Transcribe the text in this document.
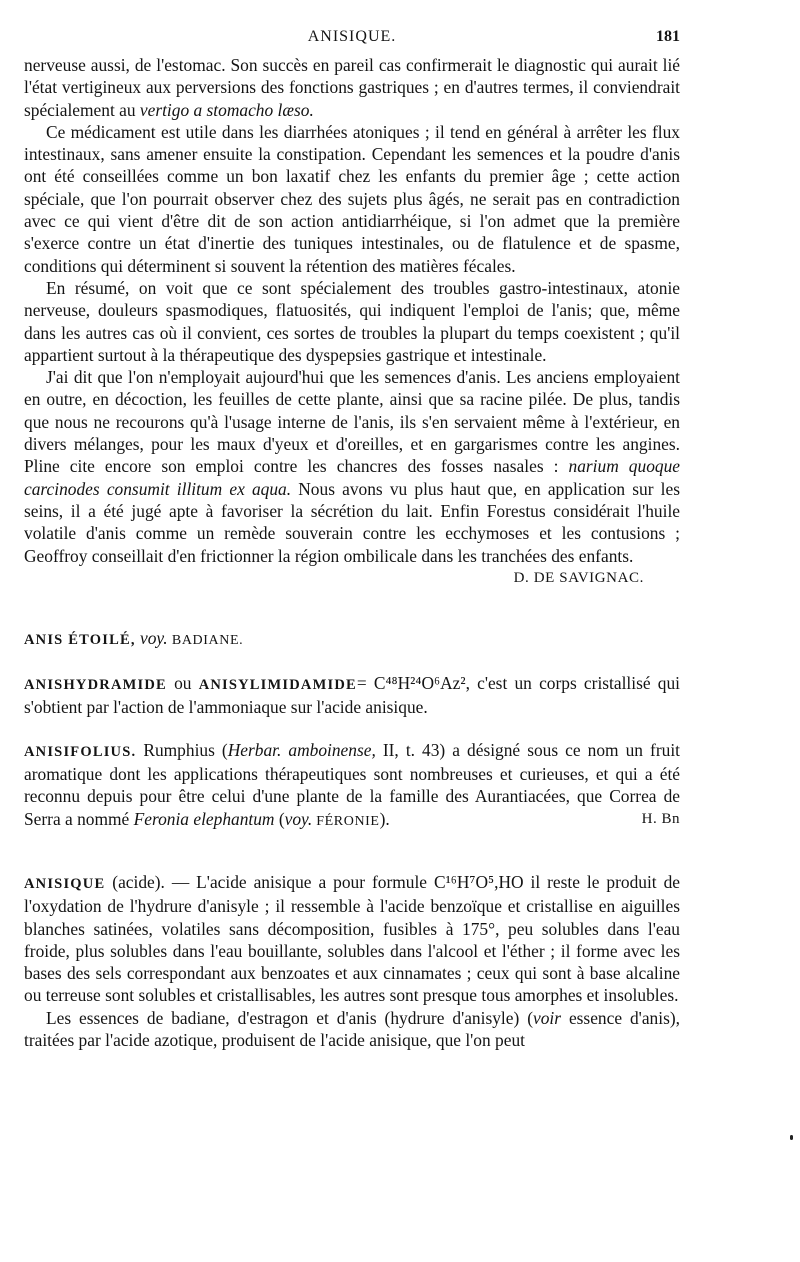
ANISIQUE.	181

nerveuse aussi, de l'estomac. Son succès en pareil cas confirmerait le diagnostic qui aurait lié l'état vertigineux aux perversions des fonctions gastriques ; en d'autres termes, il conviendrait spécialement au vertigo a stomacho læso.

Ce médicament est utile dans les diarrhées atoniques ; il tend en général à arrêter les flux intestinaux, sans amener ensuite la constipation. Cependant les semences et la poudre d'anis ont été conseillées comme un bon laxatif chez les enfants du premier âge ; cette action spéciale, que l'on pourrait observer chez des sujets plus âgés, ne serait pas en contradiction avec ce qui vient d'être dit de son action antidiarrhéique, si l'on admet que la première s'exerce contre un état d'inertie des tuniques intestinales, ou de flatulence et de spasme, conditions qui déterminent si souvent la rétention des matières fécales.

En résumé, on voit que ce sont spécialement des troubles gastro-intestinaux, atonie nerveuse, douleurs spasmodiques, flatuosités, qui indiquent l'emploi de l'anis; que, même dans les autres cas où il convient, ces sortes de troubles la plupart du temps coexistent ; qu'il appartient surtout à la thérapeutique des dyspepsies gastrique et intestinale.

J'ai dit que l'on n'employait aujourd'hui que les semences d'anis. Les anciens employaient en outre, en décoction, les feuilles de cette plante, ainsi que sa racine pilée. De plus, tandis que nous ne recourons qu'à l'usage interne de l'anis, ils s'en servaient même à l'extérieur, en divers mélanges, pour les maux d'yeux et d'oreilles, et en gargarismes contre les angines. Pline cite encore son emploi contre les chancres des fosses nasales : narium quoque carcinodes consumit illitum ex aqua. Nous avons vu plus haut que, en application sur les seins, il a été jugé apte à favoriser la sécrétion du lait. Enfin Forestus considérait l'huile volatile d'anis comme un remède souverain contre les ecchymoses et les contusions ; Geoffroy conseillait d'en frictionner la région ombilicale dans les tranchées des enfants.

D. DE SAVIGNAC.

ANIS ÉTOILÉ, voy. BADIANE.

ANISHYDRAMIDE ou ANISYLIMIDAMIDE= C⁴⁸H²⁴O⁶Az², c'est un corps cristallisé qui s'obtient par l'action de l'ammoniaque sur l'acide anisique.

ANISIFOLIUS. Rumphius (Herbar. amboinense, II, t. 43) a désigné sous ce nom un fruit aromatique dont les applications thérapeutiques sont nombreuses et curieuses, et qui a été reconnu depuis pour être celui d'une plante de la famille des Aurantiacées, que Correa de Serra a nommé Feronia elephantum (voy. FÉRONIE).	H. Bn

ANISIQUE (acide). — L'acide anisique a pour formule C¹⁶H⁷O⁵,HO il reste le produit de l'oxydation de l'hydrure d'anisyle ; il ressemble à l'acide benzoïque et cristallise en aiguilles blanches satinées, volatiles sans décomposition, fusibles à 175°, peu solubles dans l'eau froide, plus solubles dans l'eau bouillante, solubles dans l'alcool et l'éther ; il forme avec les bases des sels correspondant aux benzoates et aux cinnamates ; ceux qui sont à base alcaline ou terreuse sont solubles et cristallisables, les autres sont presque tous amorphes et insolubles.

Les essences de badiane, d'estragon et d'anis (hydrure d'anisyle) (voir essence d'anis), traitées par l'acide azotique, produisent de l'acide anisique, que l'on peut
